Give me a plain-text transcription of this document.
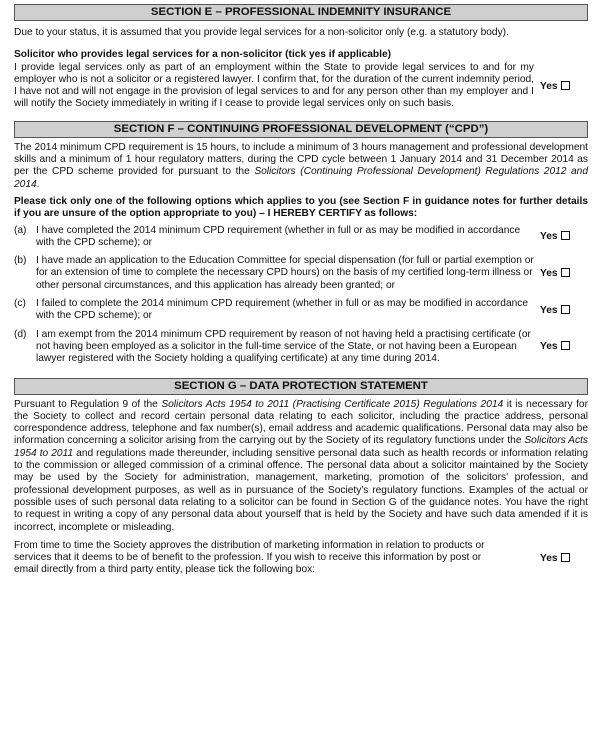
SECTION E – PROFESSIONAL INDEMNITY INSURANCE

Due to your status, it is assumed that you provide legal services for a non-solicitor only (e.g. a statutory body).

Solicitor who provides legal services for a non-solicitor (tick yes if applicable)

I provide legal services only as part of an employment within the State to provide legal services to and for my employer who is not a solicitor or a registered lawyer. I confirm that, for the duration of the current indemnity period, I have not and will not engage in the provision of legal services to and for any person other than my employer and I will notify the Society immediately in writing if I cease to provide legal services only on such basis.

Yes
SECTION F – CONTINUING PROFESSIONAL DEVELOPMENT (“CPD”)

The 2014 minimum CPD requirement is 15 hours, to include a minimum of 3 hours management and professional development skills and a minimum of 1 hour regulatory matters, during the CPD cycle between 1 January 2014 and 31 December 2014 as per the CPD scheme provided for pursuant to the Solicitors (Continuing Professional Development) Regulations 2012 and 2014.

Please tick only one of the following options which applies to you (see Section F in guidance notes for further details if you are unsure of the option appropriate to you) – I HEREBY CERTIFY as follows:

(a) I have completed the 2014 minimum CPD requirement (whether in full or as may be modified in accordance with the CPD scheme); or	Yes
(b) I have made an application to the Education Committee for special dispensation (for full or partial exemption or for an extension of time to complete the necessary CPD hours) on the basis of my certified long-term illness or other personal circumstances, and this application has already been granted; or

Yes
(c) I failed to complete the 2014 minimum CPD requirement (whether in full or as may be modified in accordance with the CPD scheme); or	Yes
(d) I am exempt from the 2014 minimum CPD requirement by reason of not having held a practising certificate (or not having been employed as a solicitor in the full-time service of the State, or not having been a European lawyer registered with the Society holding a qualifying certificate) at any time during 2014.

Yes
SECTION G – DATA PROTECTION STATEMENT

Pursuant to Regulation 9 of the Solicitors Acts 1954 to 2011 (Practising Certificate 2015) Regulations 2014 it is necessary for the Society to collect and record certain personal data relating to each solicitor, including the practice address, personal correspondence address, telephone and fax number(s), email address and academic qualifications. Personal data may also be information concerning a solicitor arising from the carrying out by the Society of its regulatory functions under the Solicitors Acts 1954 to 2011 and regulations made thereunder, including sensitive personal data such as health records or information relating to the commission or alleged commission of a criminal offence. The personal data about a solicitor maintained by the Society may be used by the Society for administration, management, marketing, promotion of the solicitors' profession, and professional development purposes, as well as in pursuance of the Society's regulatory functions. Examples of the actual or possible uses of such personal data relating to a solicitor can be found in Section G of the guidance notes. You have the right to request in writing a copy of any personal data about yourself that is held by the Society and have such data amended if it is incorrect, incomplete or misleading.

From time to time the Society approves the distribution of marketing information in relation to products or services that it deems to be of benefit to the profession. If you wish to receive this information by post or email directly from a third party entity, please tick the following box:

Yes
